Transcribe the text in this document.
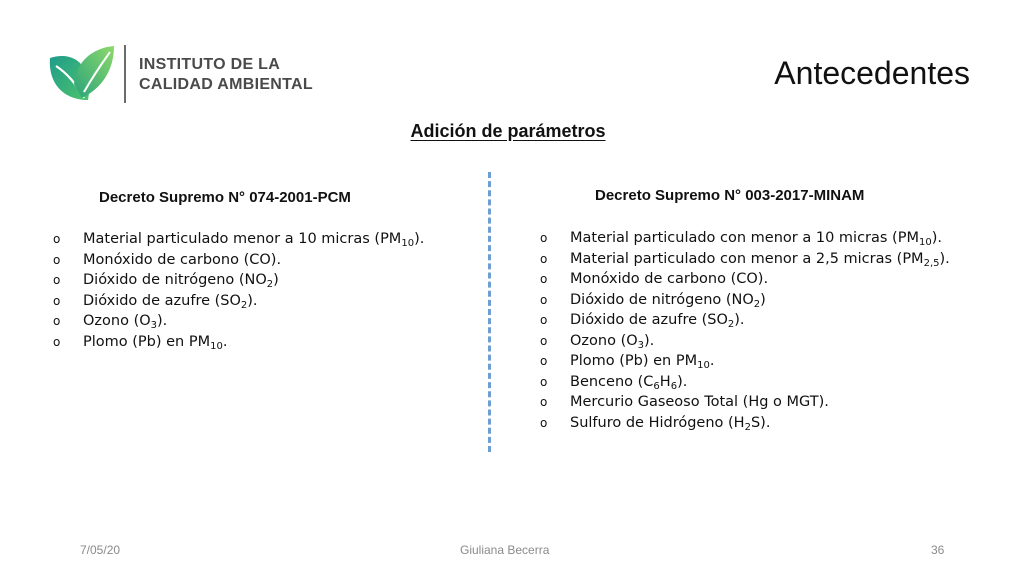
INSTITUTO DE LA
CALIDAD AMBIENTAL	Antecedentes
Adición de parámetros
Decreto Supremo N° 074-2001-PCM	Decreto Supremo N° 003-2017-MINAM
o Material particulado menor a 10 micras $(PM_{10})$.
o Monóxido de carbono (CO).
o Dióxido de nitrógeno $(NO_2)$
o Dióxido de azufre $(SO_2)$.
o Ozono $(O_3)$.
o Plomo (Pb) en $PM_{10}$.
o Material particulado con menor a 10 micras $(PM_{10})$.
o Material particulado con menor a 2,5 micras $(PM_{2,5})$.
o Monóxido de carbono (CO).
o Dióxido de nitrógeno $(NO_2)$
o Dióxido de azufre $(SO_2)$.
o Ozono $(O_3)$.
o Plomo (Pb) en $PM_{10}$.
o Benceno $(C_6H_6)$.
o Mercurio Gaseoso Total (Hg o MGT).
o Sulfuro de Hidrógeno $(H_2S)$.
7/05/20	Giuliana Becerra	36
